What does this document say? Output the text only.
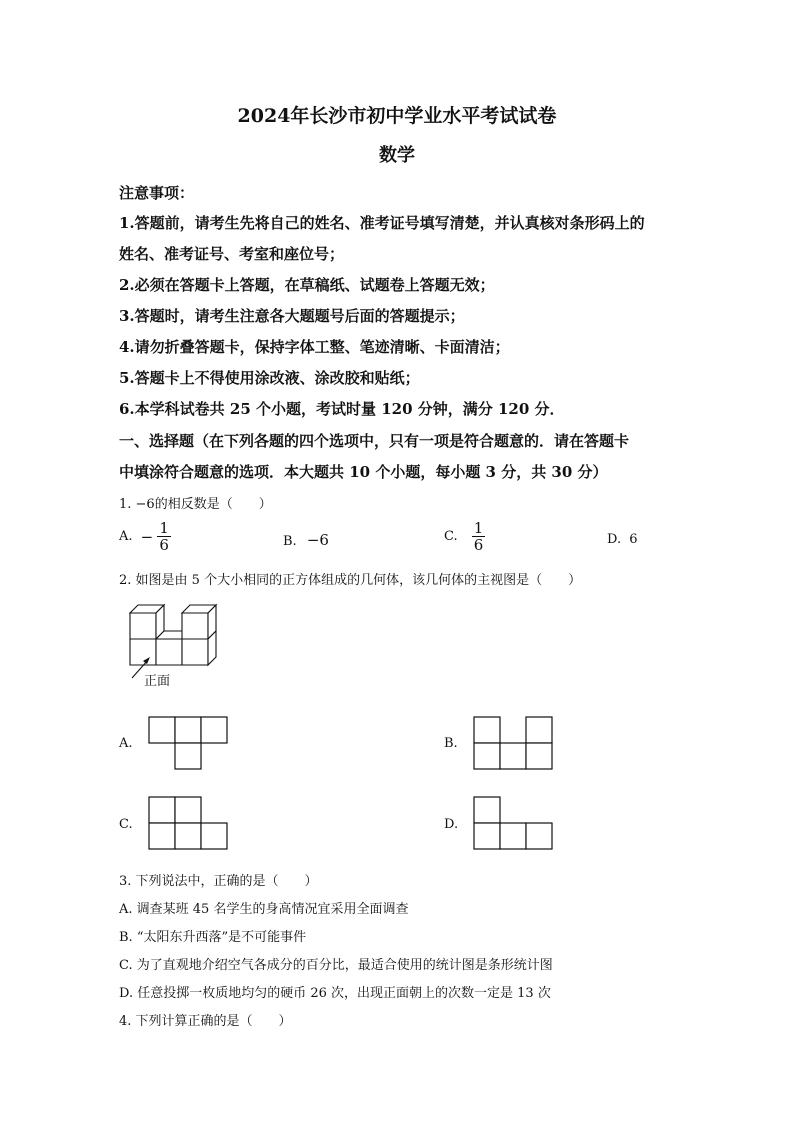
2024年长沙市初中学业水平考试试卷
数学
注意事项：
1.答题前，请考生先将自己的姓名、准考证号填写清楚，并认真核对条形码上的
姓名、准考证号、考室和座位号；
2.必须在答题卡上答题，在草稿纸、试题卷上答题无效；
3.答题时，请考生注意各大题题号后面的答题提示；
4.请勿折叠答题卡，保持字体工整、笔迹清晰、卡面清洁；
5.答题卡上不得使用涂改液、涂改胶和贴纸；
6.本学科试卷共 25 个小题，考试时量 120 分钟，满分 120 分．
一、选择题（在下列各题的四个选项中，只有一项是符合题意的．请在答题卡
中填涂符合题意的选项．本大题共 10 个小题，每小题 3 分，共 30 分）
1. −6的相反数是（　　）
A. − $\frac{1}{6}$	B. −6	C. $\frac{1}{6}$	D. 6
2. 如图是由 5 个大小相同的正方体组成的几何体，该几何体的主视图是（　　）
正面
A.	B.
C.	D.
3. 下列说法中，正确的是（　　）
A. 调查某班 45 名学生的身高情况宜采用全面调查
B. “太阳东升西落”是不可能事件
C. 为了直观地介绍空气各成分的百分比，最适合使用的统计图是条形统计图
D. 任意投掷一枚质地均匀的硬币 26 次，出现正面朝上的次数一定是 13 次
4. 下列计算正确的是（　　）
